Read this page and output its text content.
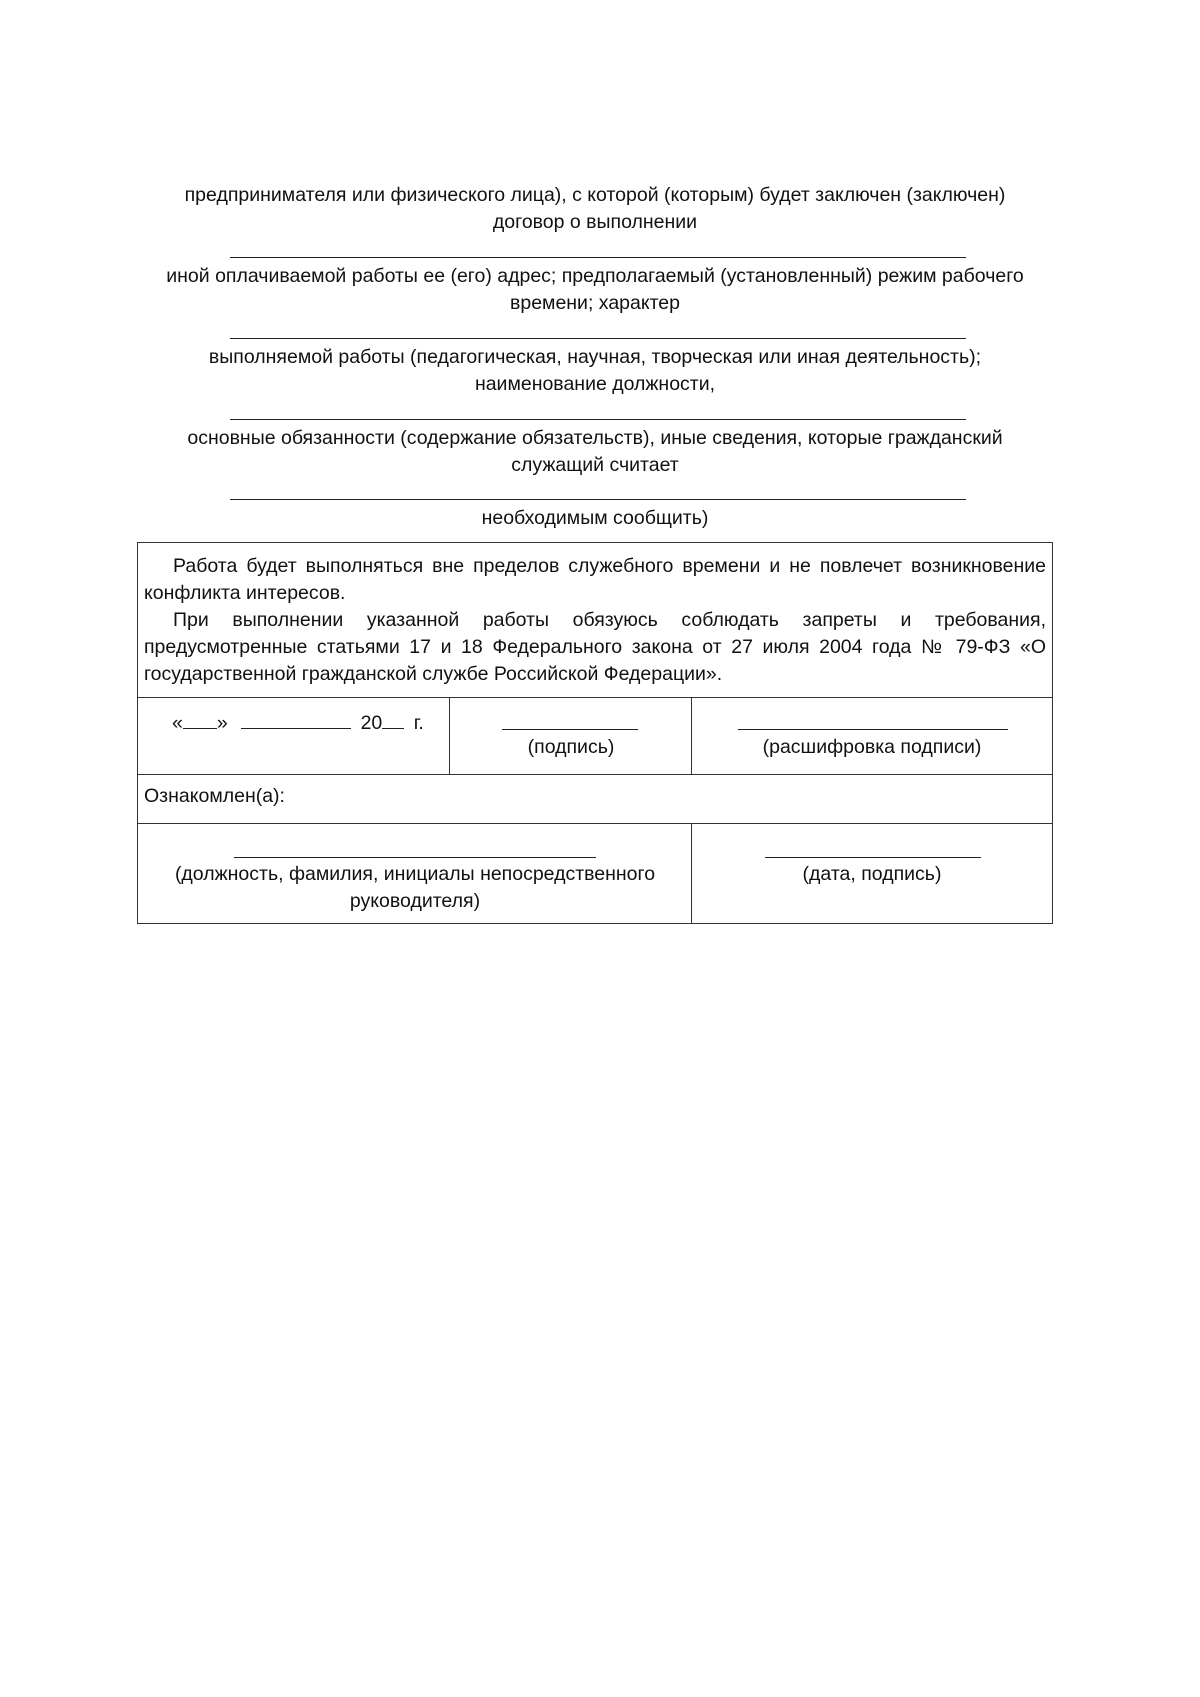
предпринимателя или физического лица), с которой (которым) будет заключен (заключен)
договор о выполнении
иной оплачиваемой работы ее (его) адрес; предполагаемый (установленный) режим рабочего
времени; характер
выполняемой работы (педагогическая, научная, творческая или иная деятельность);
наименование должности,
основные обязанности (содержание обязательств), иные сведения, которые гражданский
служащий считает
необходимым сообщить)

Работа будет выполняться вне пределов служебного времени и не повлечет возникновение конфликта интересов.

При выполнении указанной работы обязуюсь соблюдать запреты и требования, предусмотренные статьями 17 и 18 Федерального закона от 27 июля 2004 года № 79-ФЗ «О государственной гражданской службе Российской Федерации».

« »	20 г.
(подпись)	(расшифровка подписи)
Ознакомлен(а):
(должность, фамилия, инициалы непосредственного
руководителя)
(дата, подпись)
